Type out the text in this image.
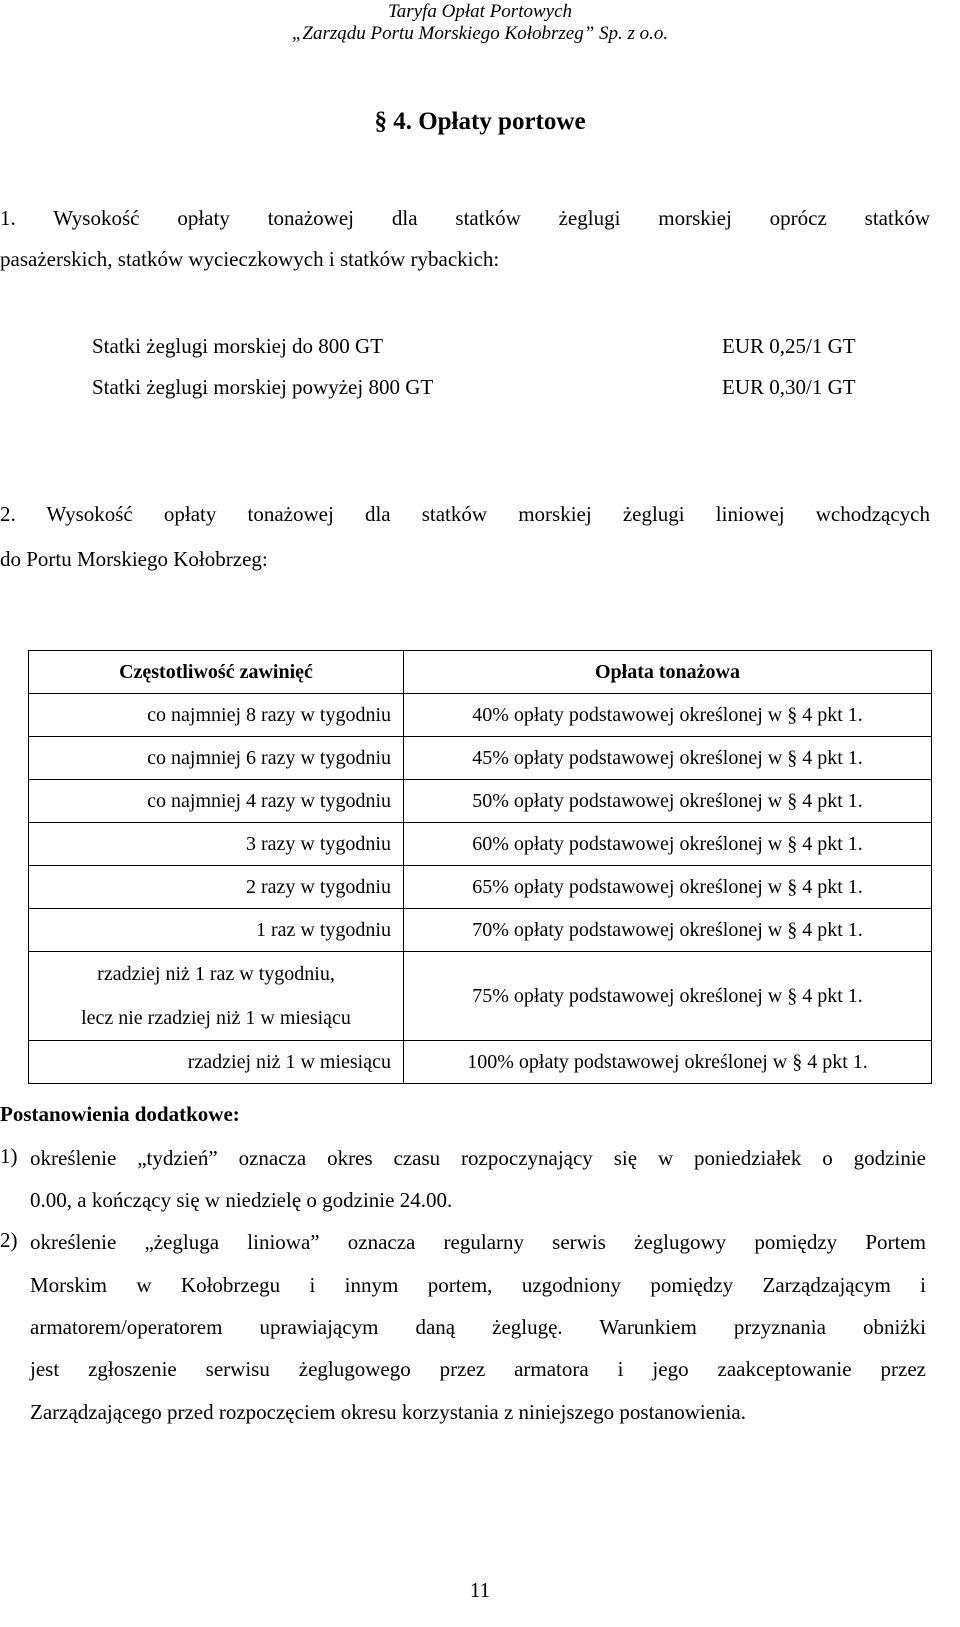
Taryfa Opłat Portowych
„Zarządu Portu Morskiego Kołobrzeg” Sp. z o.o.
§ 4. Opłaty portowe
1. Wysokość opłaty tonażowej dla statków żeglugi morskiej oprócz statków
pasażerskich, statków wycieczkowych i statków rybackich:
Statki żeglugi morskiej do 800 GT	EUR 0,25/1 GT
Statki żeglugi morskiej powyżej 800 GT	EUR 0,30/1 GT
2. Wysokość opłaty tonażowej dla statków morskiej żeglugi liniowej wchodzących
do Portu Morskiego Kołobrzeg:
Częstotliwość zawinięć	Opłata tonażowa
co najmniej 8 razy w tygodniu	40% opłaty podstawowej określonej w § 4 pkt 1.
co najmniej 6 razy w tygodniu	45% opłaty podstawowej określonej w § 4 pkt 1.
co najmniej 4 razy w tygodniu	50% opłaty podstawowej określonej w § 4 pkt 1.
3 razy w tygodniu	60% opłaty podstawowej określonej w § 4 pkt 1.
2 razy w tygodniu	65% opłaty podstawowej określonej w § 4 pkt 1.
1 raz w tygodniu	70% opłaty podstawowej określonej w § 4 pkt 1.

rzadziej niż 1 raz w tygodniu,
lecz nie rzadziej niż 1 w miesiącu	75% opłaty podstawowej określonej w § 4 pkt 1.
rzadziej niż 1 w miesiącu	100% opłaty podstawowej określonej w § 4 pkt 1.
Postanowienia dodatkowe:
1) określenie „tydzień” oznacza okres czasu rozpoczynający się w poniedziałek o godzinie
0.00, a kończący się w niedzielę o godzinie 24.00.
2) określenie „żegluga liniowa” oznacza regularny serwis żeglugowy pomiędzy Portem
Morskim w Kołobrzegu i innym portem, uzgodniony pomiędzy Zarządzającym i
armatorem/operatorem uprawiającym daną żeglugę. Warunkiem przyznania obniżki
jest zgłoszenie serwisu żeglugowego przez armatora i jego zaakceptowanie przez
Zarządzającego przed rozpoczęciem okresu korzystania z niniejszego postanowienia.
11
